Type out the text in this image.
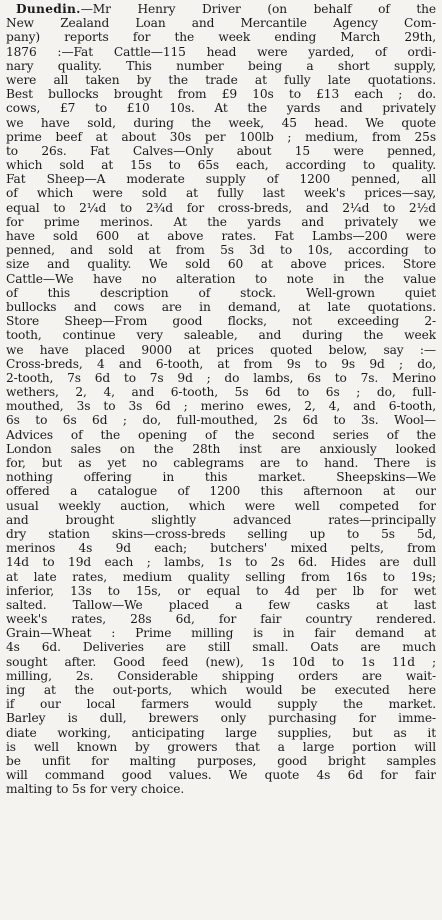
Dunedin.—Mr Henry Driver (on behalf of the
New Zealand Loan and Mercantile Agency Com-
pany) reports for the week ending March 29th,
1876 :—Fat Cattle—115 head were yarded, of ordi-
nary quality. This number being a short supply,
were all taken by the trade at fully late quotations.
Best bullocks brought from £9 10s to £13 each ; do.
cows, £7 to £10 10s. At the yards and privately
we have sold, during the week, 45 head. We quote
prime beef at about 30s per 100lb ; medium, from 25s
to 26s. Fat Calves—Only about 15 were penned,
which sold at 15s to 65s each, according to quality.
Fat Sheep—A moderate supply of 1200 penned, all
of which were sold at fully last week's prices—say,
equal to 2¼d to 2¾d for cross-breds, and 2¼d to 2½d
for prime merinos. At the yards and privately we
have sold 600 at above rates. Fat Lambs—200 were
penned, and sold at from 5s 3d to 10s, according to
size and quality. We sold 60 at above prices. Store
Cattle—We have no alteration to note in the value
of this description of stock. Well-grown quiet
bullocks and cows are in demand, at late quotations.
Store Sheep—From good flocks, not exceeding 2-
tooth, continue very saleable, and during the week
we have placed 9000 at prices quoted below, say :—
Cross-breds, 4 and 6-tooth, at from 9s to 9s 9d ; do,
2-tooth, 7s 6d to 7s 9d ; do lambs, 6s to 7s. Merino
wethers, 2, 4, and 6-tooth, 5s 6d to 6s ; do, full-
mouthed, 3s to 3s 6d ; merino ewes, 2, 4, and 6-tooth,
6s to 6s 6d ; do, full-mouthed, 2s 6d to 3s. Wool—
Advices of the opening of the second series of the
London sales on the 28th inst are anxiously looked
for, but as yet no cablegrams are to hand. There is
nothing offering in this market. Sheepskins—We
offered a catalogue of 1200 this afternoon at our
usual weekly auction, which were well competed for
and brought slightly advanced rates—principally
dry station skins—cross-breds selling up to 5s 5d,
merinos 4s 9d each; butchers' mixed pelts, from
14d to 19d each ; lambs, 1s to 2s 6d. Hides are dull
at late rates, medium quality selling from 16s to 19s;
inferior, 13s to 15s, or equal to 4d per lb for wet
salted. Tallow—We placed a few casks at last
week's rates, 28s 6d, for fair country rendered.
Grain—Wheat : Prime milling is in fair demand at
4s 6d. Deliveries are still small. Oats are much
sought after. Good feed (new), 1s 10d to 1s 11d ;
milling, 2s. Considerable shipping orders are wait-
ing at the out-ports, which would be executed here
if our local farmers would supply the market.
Barley is dull, brewers only purchasing for imme-
diate working, anticipating large supplies, but as it
is well known by growers that a large portion will
be unfit for malting purposes, good bright samples
will command good values. We quote 4s 6d for fair
malting to 5s for very choice.
